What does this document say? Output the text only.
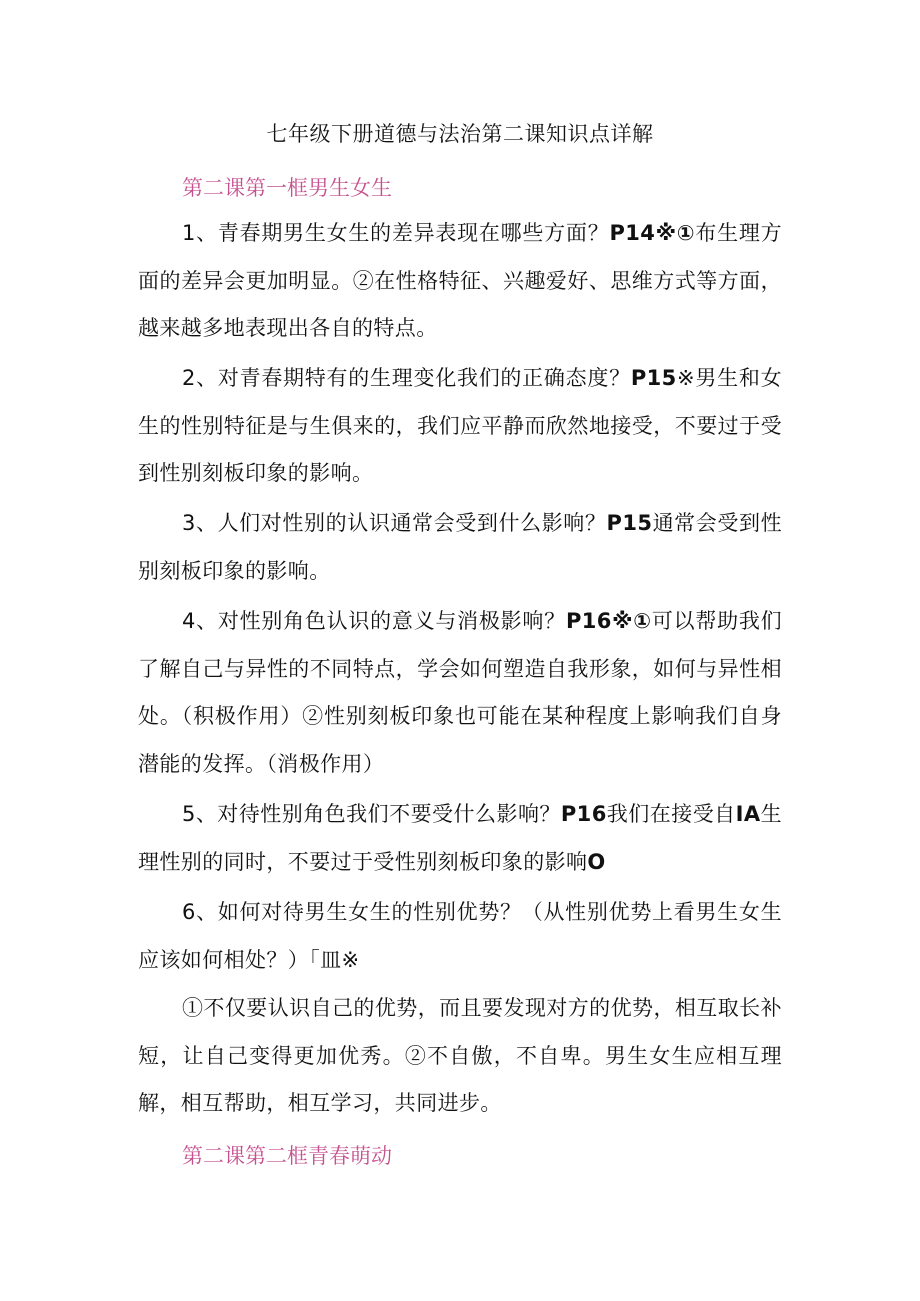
七年级下册道德与法治第二课知识点详解
第二课第一框男生女生
1、青春期男生女生的差异表现在哪些方面？P14※①布生理方面的差异会更加明显。②在性格特征、兴趣爱好、思维方式等方面，越来越多地表现出各自的特点。
2、对青春期特有的生理变化我们的正确态度？P15※男生和女生的性别特征是与生俱来的，我们应平静而欣然地接受，不要过于受到性别刻板印象的影响。
3、人们对性别的认识通常会受到什么影响？P15通常会受到性别刻板印象的影响。
4、对性别角色认识的意义与消极影响？P16※①可以帮助我们了解自己与异性的不同特点，学会如何塑造自我形象，如何与异性相处。（积极作用）②性别刻板印象也可能在某种程度上影响我们自身潜能的发挥。（消极作用）
5、对待性别角色我们不要受什么影响？P16我们在接受自IA生理性别的同时，不要过于受性别刻板印象的影响O
6、如何对待男生女生的性别优势？（从性别优势上看男生女生应该如何相处？）「皿※
①不仅要认识自己的优势，而且要发现对方的优势，相互取长补短，让自己变得更加优秀。②不自傲，不自卑。男生女生应相互理解，相互帮助，相互学习，共同进步。
第二课第二框青春萌动
